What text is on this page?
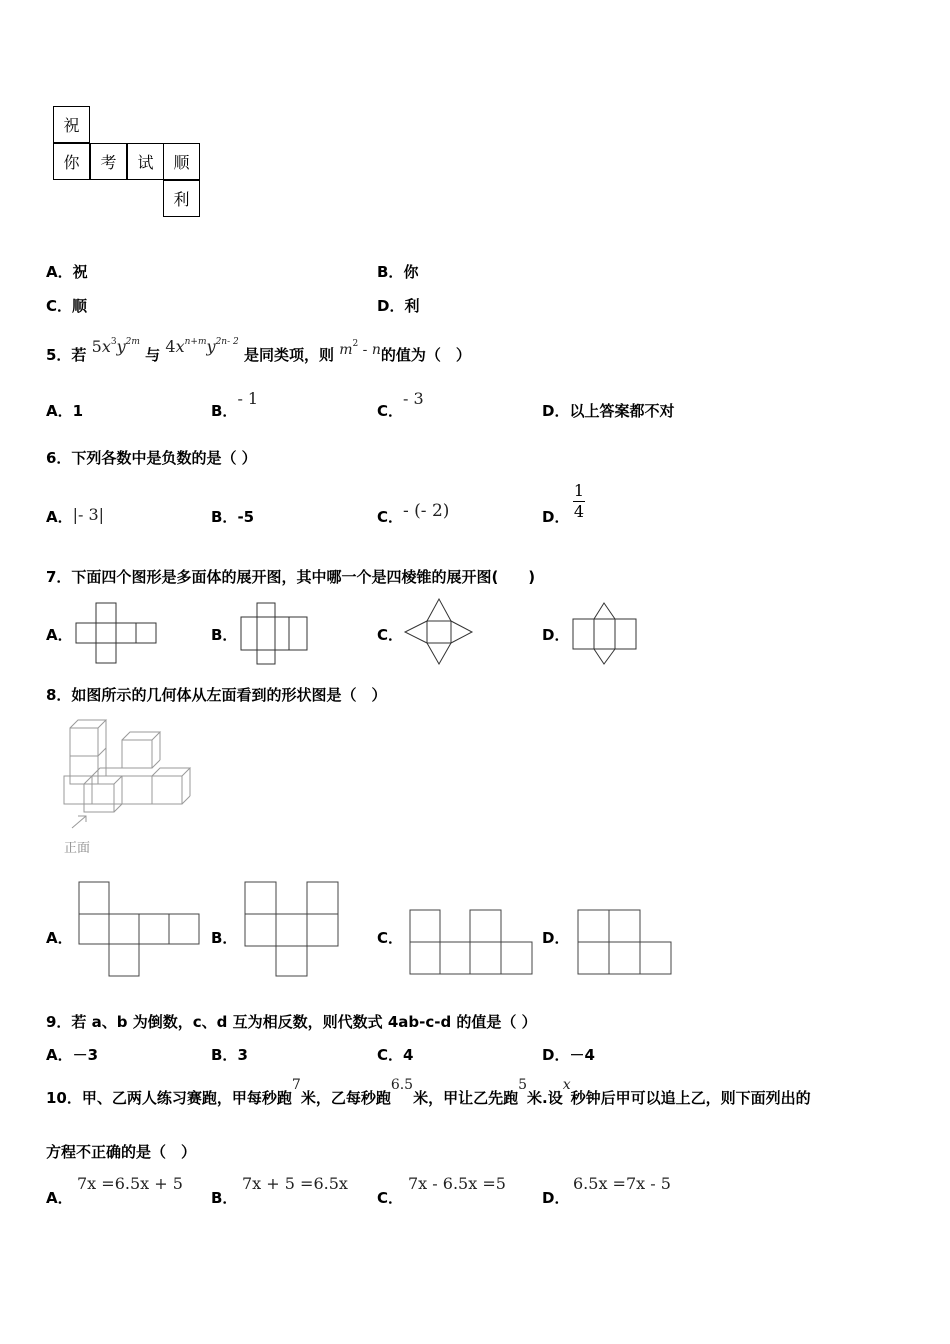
祝
你	考	试	顺
利
A．祝	B．你
C．顺	D．利
5．若 $5x^3y^{2m}$ 与 $4x^{n+m}y^{2n- 2}$ 是同类项，则 $m^2$ - n的值为（　）
A．1	B．- 1
C．- 3
D．以上答案都不对
6．下列各数中是负数的是（ ）
A．|- 3|	B．-5	C．- (- 2)	D．
1
4
7．下面四个图形是多面体的展开图，其中哪一个是四棱锥的展开图(　　)
A．	B．	C．	D．
8．如图所示的几何体从左面看到的形状图是（　）
正面
A．	B．	C．	D．
9．若 a、b 为倒数，c、d 互为相反数，则代数式 4ab-c-d 的值是（ ）
A．－3	B．3	C．4	D．－4
10．甲、乙两人练习赛跑，甲每秒跑7米，乙每秒跑6.5米，甲让乙先跑5米.设x秒钟后甲可以追上乙，则下面列出的
方程不正确的是（　）
A．
7x =6.5x + 5
B．
7x + 5 =6.5x
C．
7x - 6.5x =5
D．
6.5x =7x - 5
